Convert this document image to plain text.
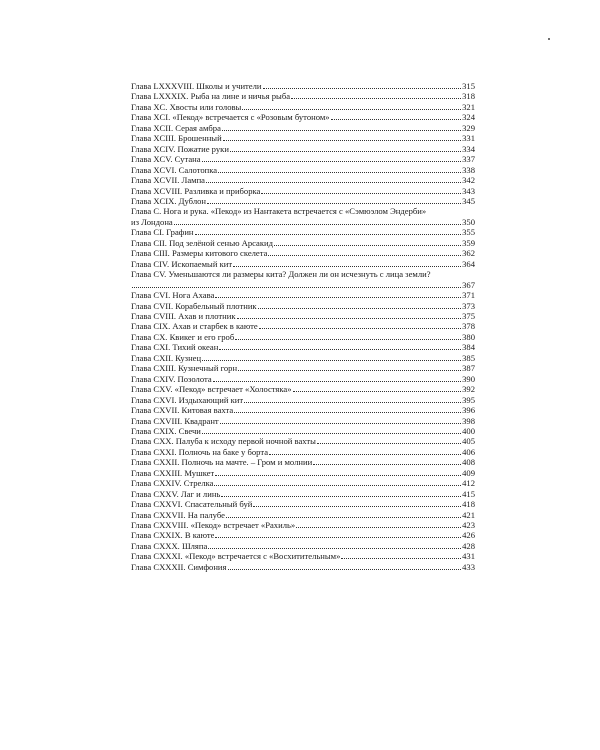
Глава LXXXVIII. Школы и учители	315
Глава LXXXIX. Рыба на лине и ничья рыба	318
Глава XC. Хвосты или головы	321
Глава XCI. «Пекод» встречается с «Розовым бутоном»	324
Глава XCII. Серая амбра	329
Глава XCIII. Брошенный	331
Глава XCIV. Пожатие руки	334
Глава XCV. Сутана	337
Глава XCVI. Салотопка	338
Глава XCVII. Лампа	342
Глава XCVIII. Разливка и приборка	343
Глава XCIX. Дублон	345
Глава C. Нога и рука. «Пекод» из Нантакета встречается с «Сэмюэлом Эндерби»
из Лондона	350
Глава CI. Графин	355
Глава CII. Под зелёной сенью Арсакид	359
Глава CIII. Размеры китового скелета	362
Глава CIV. Ископаемый кит	364
Глава CV. Уменьшаются ли размеры кита? Должен ли он исчезнуть с лица земли?
367
Глава CVI. Нога Ахава	371
Глава CVII. Корабельный плотник	373
Глава CVIII. Ахав и плотник	375
Глава CIX. Ахав и старбек в каюте	378
Глава CX. Квикег и его гроб	380
Глава CXI. Тихий океан	384
Глава CXII. Кузнец	385
Глава CXIII. Кузнечный горн	387
Глава CXIV. Позолота	390
Глава CXV. «Пекод» встречает «Холостяка»	392
Глава CXVI. Издыхающий кит	395
Глава CXVII. Китовая вахта	396
Глава CXVIII. Квадрант	398
Глава CXIX. Свечи	400
Глава CXX. Палуба к исходу первой ночной вахты	405
Глава CXXI. Полночь на баке у борта	406
Глава CXXII. Полночь на мачте. – Гром и молнии	408
Глава CXXIII. Мушкет	409
Глава CXXIV. Стрелка	412
Глава CXXV. Лаг и линь	415
Глава CXXVI. Спасательный буй	418
Глава CXXVII. На палубе	421
Глава CXXVIII. «Пекод» встречает «Рахиль»	423
Глава CXXIX. В каюте	426
Глава CXXX. Шляпа	428
Глава CXXXI. «Пекод» встречается с «Восхитительным»	431
Глава CXXXII. Симфония	433
